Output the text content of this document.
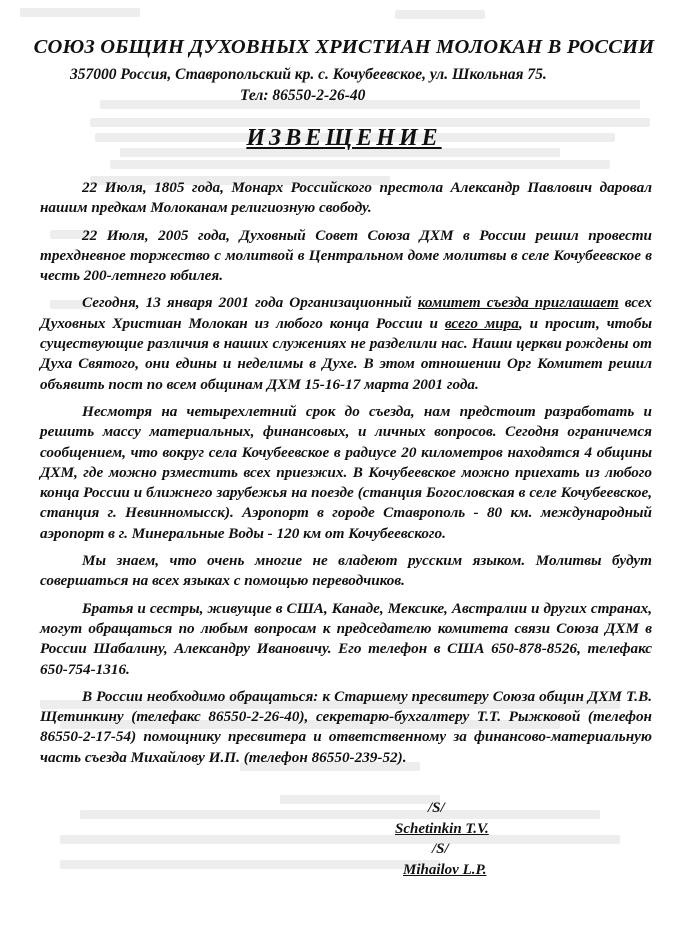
СОЮЗ ОБЩИН ДУХОВНЫХ ХРИСТИАН МОЛОКАН В РОССИИ
357000 Россия, Ставропольский кр. с. Кочубеевское, ул. Школьная 75.
Тел: 86550-2-26-40
ИЗВЕЩЕНИЕ

22 Июля, 1805 года, Монарх Российского престола Александр Павлович даровал нашим предкам Молоканам религиозную свободу.

22 Июля, 2005 года, Духовный Совет Союза ДХМ в России решил провести трехдневное торжество с молитвой в Центральном доме молитвы в селе Кочубеевское в честь 200-летнего юбилея.

Сегодня, 13 января 2001 года Организационный комитет съезда приглашает всех Духовных Христиан Молокан из любого конца России и всего мира, и просит, чтобы существующие различия в наших служениях не разделили нас. Наши церкви рождены от Духа Святого, они едины и неделимы в Духе. В этом отношении Орг Комитет решил объявить пост по всем общинам ДХМ 15-16-17 марта 2001 года.

Несмотря на четырехлетний срок до съезда, нам предстоит разработать и решить массу материальных, финансовых, и личных вопросов. Сегодня ограничемся сообщением, что вокруг села Кочубеевское в радиусе 20 километров находятся 4 общины ДХМ, где можно рзместить всех приезжих. В Кочубеевское можно приехать из любого конца России и ближнего зарубежья на поезде (станция Богословская в селе Кочубеевское, станция г. Невинномысск). Аэропорт в городе Ставрополь - 80 км. международный аэропорт в г. Минеральные Воды - 120 км от Кочубеевского.

Мы знаем, что очень многие не владеют русским языком. Молитвы будут совершаться на всех языках с помощью переводчиков.

Братья и сестры, живущие в США, Канаде, Мексике, Австралии и других странах, могут обращаться по любым вопросам к председателю комитета связи Союза ДХМ в России Шабалину, Александру Ивановичу. Его телефон в США 650-878-8526, телефакс 650-754-1316.

В России необходимо обращаться: к Старшему пресвитеру Союза общин ДХМ Т.В. Щетинкину (телефакс 86550-2-26-40), секретарю-бухгалтеру Т.Т. Рыжковой (телефон 86550-2-17-54) помощнику пресвитера и ответственному за финансово-материальную часть съезда Михайлову И.П. (телефон 86550-239-52).

/S/
Schetinkin T.V.
/S/
Mihailov L.P.
